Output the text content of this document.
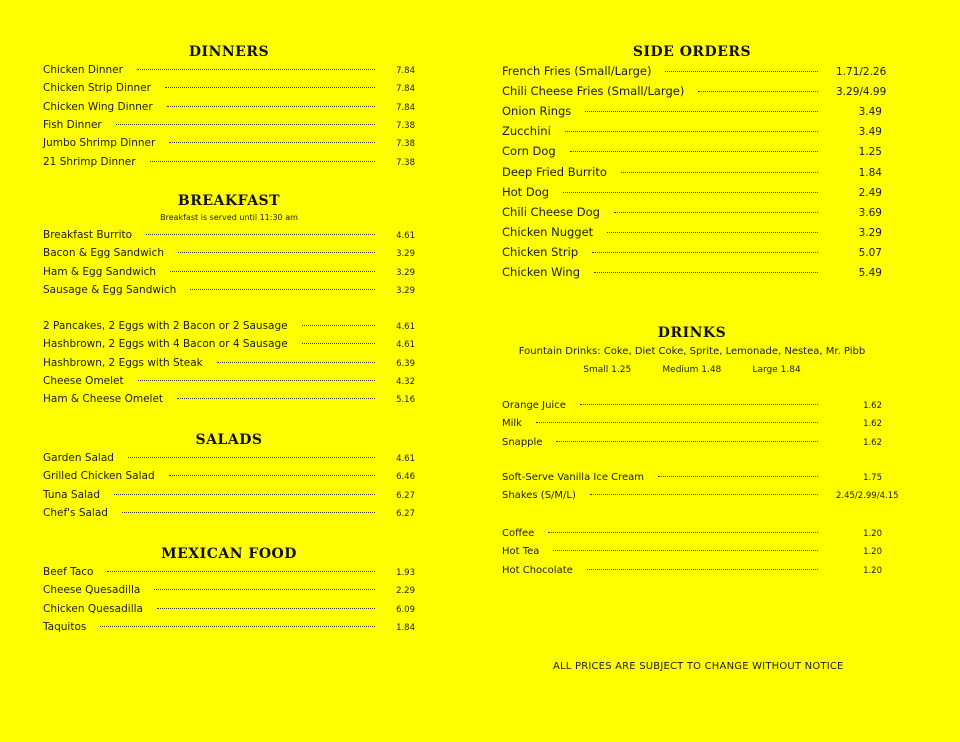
DINNERS
Chicken Dinner	7.84
Chicken Strip Dinner	7.84
Chicken Wing Dinner	7.84
Fish Dinner	7.38
Jumbo Shrimp Dinner	7.38
21 Shrimp Dinner	7.38
BREAKFAST
Breakfast is served until 11:30 am
Breakfast Burrito	4.61
Bacon & Egg Sandwich	3.29
Ham & Egg Sandwich	3.29
Sausage & Egg Sandwich	3.29
2 Pancakes, 2 Eggs with 2 Bacon or 2 Sausage	4.61
Hashbrown, 2 Eggs with 4 Bacon or 4 Sausage	4.61
Hashbrown, 2 Eggs with Steak	6.39
Cheese Omelet	4.32
Ham & Cheese Omelet	5.16
SALADS
Garden Salad	4.61
Grilled Chicken Salad	6.46
Tuna Salad	6.27
Chef's Salad	6.27
MEXICAN FOOD
Beef Taco	1.93
Cheese Quesadilla	2.29
Chicken Quesadilla	6.09
Taquitos	1.84
SIDE ORDERS
French Fries (Small/Large)	1.71/2.26
Chili Cheese Fries (Small/Large)	3.29/4.99
Onion Rings	3.49
Zucchini	3.49
Corn Dog	1.25
Deep Fried Burrito	1.84
Hot Dog	2.49
Chili Cheese Dog	3.69
Chicken Nugget	3.29
Chicken Strip	5.07
Chicken Wing	5.49
DRINKS
Fountain Drinks: Coke, Diet Coke, Sprite, Lemonade, Nestea, Mr. Pibb
Small 1.25	Medium 1.48	Large 1.84
Orange Juice	1.62
Milk	1.62
Snapple	1.62
Soft-Serve Vanilla Ice Cream	1.75
Shakes (S/M/L)	2.45/2.99/4.15
Coffee	1.20
Hot Tea	1.20
Hot Chocolate	1.20
ALL PRICES ARE SUBJECT TO CHANGE WITHOUT NOTICE
